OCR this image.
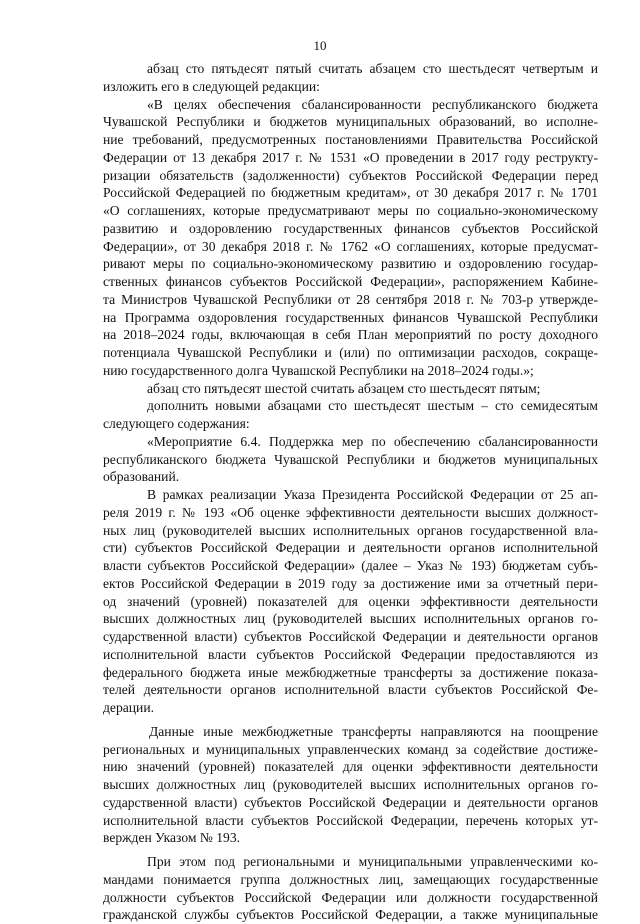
10
абзац сто пятьдесят пятый считать абзацем сто шестьдесят четвертым и
изложить его в следующей редакции:
«В целях обеспечения сбалансированности республиканского бюджета
Чувашской Республики и бюджетов муниципальных образований, во исполне-
ние требований, предусмотренных постановлениями Правительства Российской
Федерации от 13 декабря 2017 г. № 1531 «О проведении в 2017 году реструкту-
ризации обязательств (задолженности) субъектов Российской Федерации перед
Российской Федерацией по бюджетным кредитам», от 30 декабря 2017 г. № 1701
«О соглашениях, которые предусматривают меры по социально-экономическому
развитию и оздоровлению государственных финансов субъектов Российской
Федерации», от 30 декабря 2018 г. № 1762 «О соглашениях, которые предусмат-
ривают меры по социально-экономическому развитию и оздоровлению государ-
ственных финансов субъектов Российской Федерации», распоряжением Кабине-
та Министров Чувашской Республики от 28 сентября 2018 г. № 703-р утвержде-
на Программа оздоровления государственных финансов Чувашской Республики
на 2018–2024 годы, включающая в себя План мероприятий по росту доходного
потенциала Чувашской Республики и (или) по оптимизации расходов, сокраще-
нию государственного долга Чувашской Республики на 2018–2024 годы.»;
абзац сто пятьдесят шестой считать абзацем сто шестьдесят пятым;
дополнить новыми абзацами сто шестьдесят шестым – сто семидесятым
следующего содержания:
«Мероприятие 6.4. Поддержка мер по обеспечению сбалансированности
республиканского бюджета Чувашской Республики и бюджетов муниципальных
образований.
В рамках реализации Указа Президента Российской Федерации от 25 ап-
реля 2019 г. № 193 «Об оценке эффективности деятельности высших должност-
ных лиц (руководителей высших исполнительных органов государственной вла-
сти) субъектов Российской Федерации и деятельности органов исполнительной
власти субъектов Российской Федерации» (далее – Указ № 193) бюджетам субъ-
ектов Российской Федерации в 2019 году за достижение ими за отчетный пери-
од значений (уровней) показателей для оценки эффективности деятельности
высших должностных лиц (руководителей высших исполнительных органов го-
сударственной власти) субъектов Российской Федерации и деятельности органов
исполнительной власти субъектов Российской Федерации предоставляются из
федерального бюджета иные межбюджетные трансферты за достижение показа-
телей деятельности органов исполнительной власти субъектов Российской Фе-
дерации.
Данные иные межбюджетные трансферты направляются на поощрение
региональных и муниципальных управленческих команд за содействие достиже-
нию значений (уровней) показателей для оценки эффективности деятельности
высших должностных лиц (руководителей высших исполнительных органов го-
сударственной власти) субъектов Российской Федерации и деятельности органов
исполнительной власти субъектов Российской Федерации, перечень которых ут-
вержден Указом № 193.
При этом под региональными и муниципальными управленческими ко-
мандами понимается группа должностных лиц, замещающих государственные
должности субъектов Российской Федерации или должности государственной
гражданской службы субъектов Российской Федерации, а также муниципальные
